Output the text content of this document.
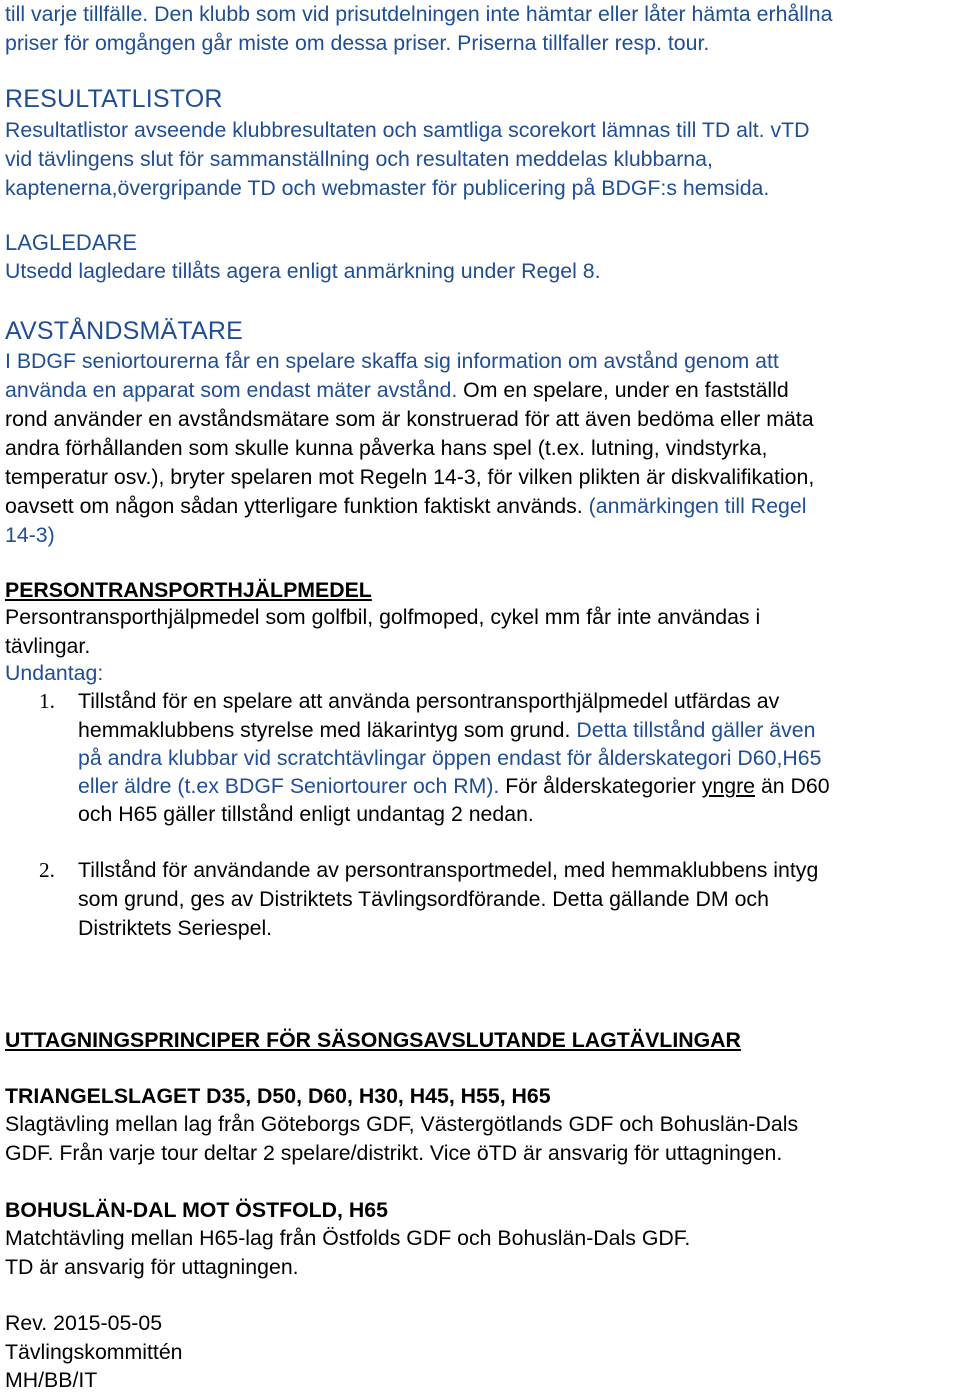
till varje tillfälle. Den klubb som vid prisutdelningen inte hämtar eller låter hämta erhållna
priser för omgången går miste om dessa priser. Priserna tillfaller resp. tour.
RESULTATLISTOR
Resultatlistor avseende klubbresultaten och samtliga scorekort lämnas till TD alt. vTD
vid tävlingens slut för sammanställning och resultaten meddelas klubbarna,
kaptenerna,övergripande TD och webmaster för publicering på BDGF:s hemsida.
LAGLEDARE
Utsedd lagledare tillåts agera enligt anmärkning under Regel 8.
AVSTÅNDSMÄTARE
I BDGF seniortourerna får en spelare skaffa sig information om avstånd genom att
använda en apparat som endast mäter avstånd. Om en spelare, under en fastställd
rond använder en avståndsmätare som är konstruerad för att även bedöma eller mäta
andra förhållanden som skulle kunna påverka hans spel (t.ex. lutning, vindstyrka,
temperatur osv.), bryter spelaren mot Regeln 14-3, för vilken plikten är diskvalifikation,
oavsett om någon sådan ytterligare funktion faktiskt används. (anmärkingen till Regel
14-3)
PERSONTRANSPORTHJÄLPMEDEL
Persontransporthjälpmedel som golfbil, golfmoped, cykel mm får inte användas i
tävlingar.
Undantag:
1. Tillstånd för en spelare att använda persontransporthjälpmedel utfärdas av
hemmaklubbens styrelse med läkarintyg som grund. Detta tillstånd gäller även
på andra klubbar vid scratchtävlingar öppen endast för ålderskategori D60,H65
eller äldre (t.ex BDGF Seniortourer och RM). För ålderskategorier yngre än D60
och H65 gäller tillstånd enligt undantag 2 nedan.
2. Tillstånd för användande av persontransportmedel, med hemmaklubbens intyg
som grund, ges av Distriktets Tävlingsordförande. Detta gällande DM och
Distriktets Seriespel.
UTTAGNINGSPRINCIPER FÖR SÄSONGSAVSLUTANDE LAGTÄVLINGAR
TRIANGELSLAGET D35, D50, D60, H30, H45, H55, H65
Slagtävling mellan lag från Göteborgs GDF, Västergötlands GDF och Bohuslän-Dals
GDF. Från varje tour deltar 2 spelare/distrikt. Vice öTD är ansvarig för uttagningen.
BOHUSLÄN-DAL MOT ÖSTFOLD, H65
Matchtävling mellan H65-lag från Östfolds GDF och Bohuslän-Dals GDF.
TD är ansvarig för uttagningen.
Rev. 2015-05-05
Tävlingskommittén
MH/BB/IT
